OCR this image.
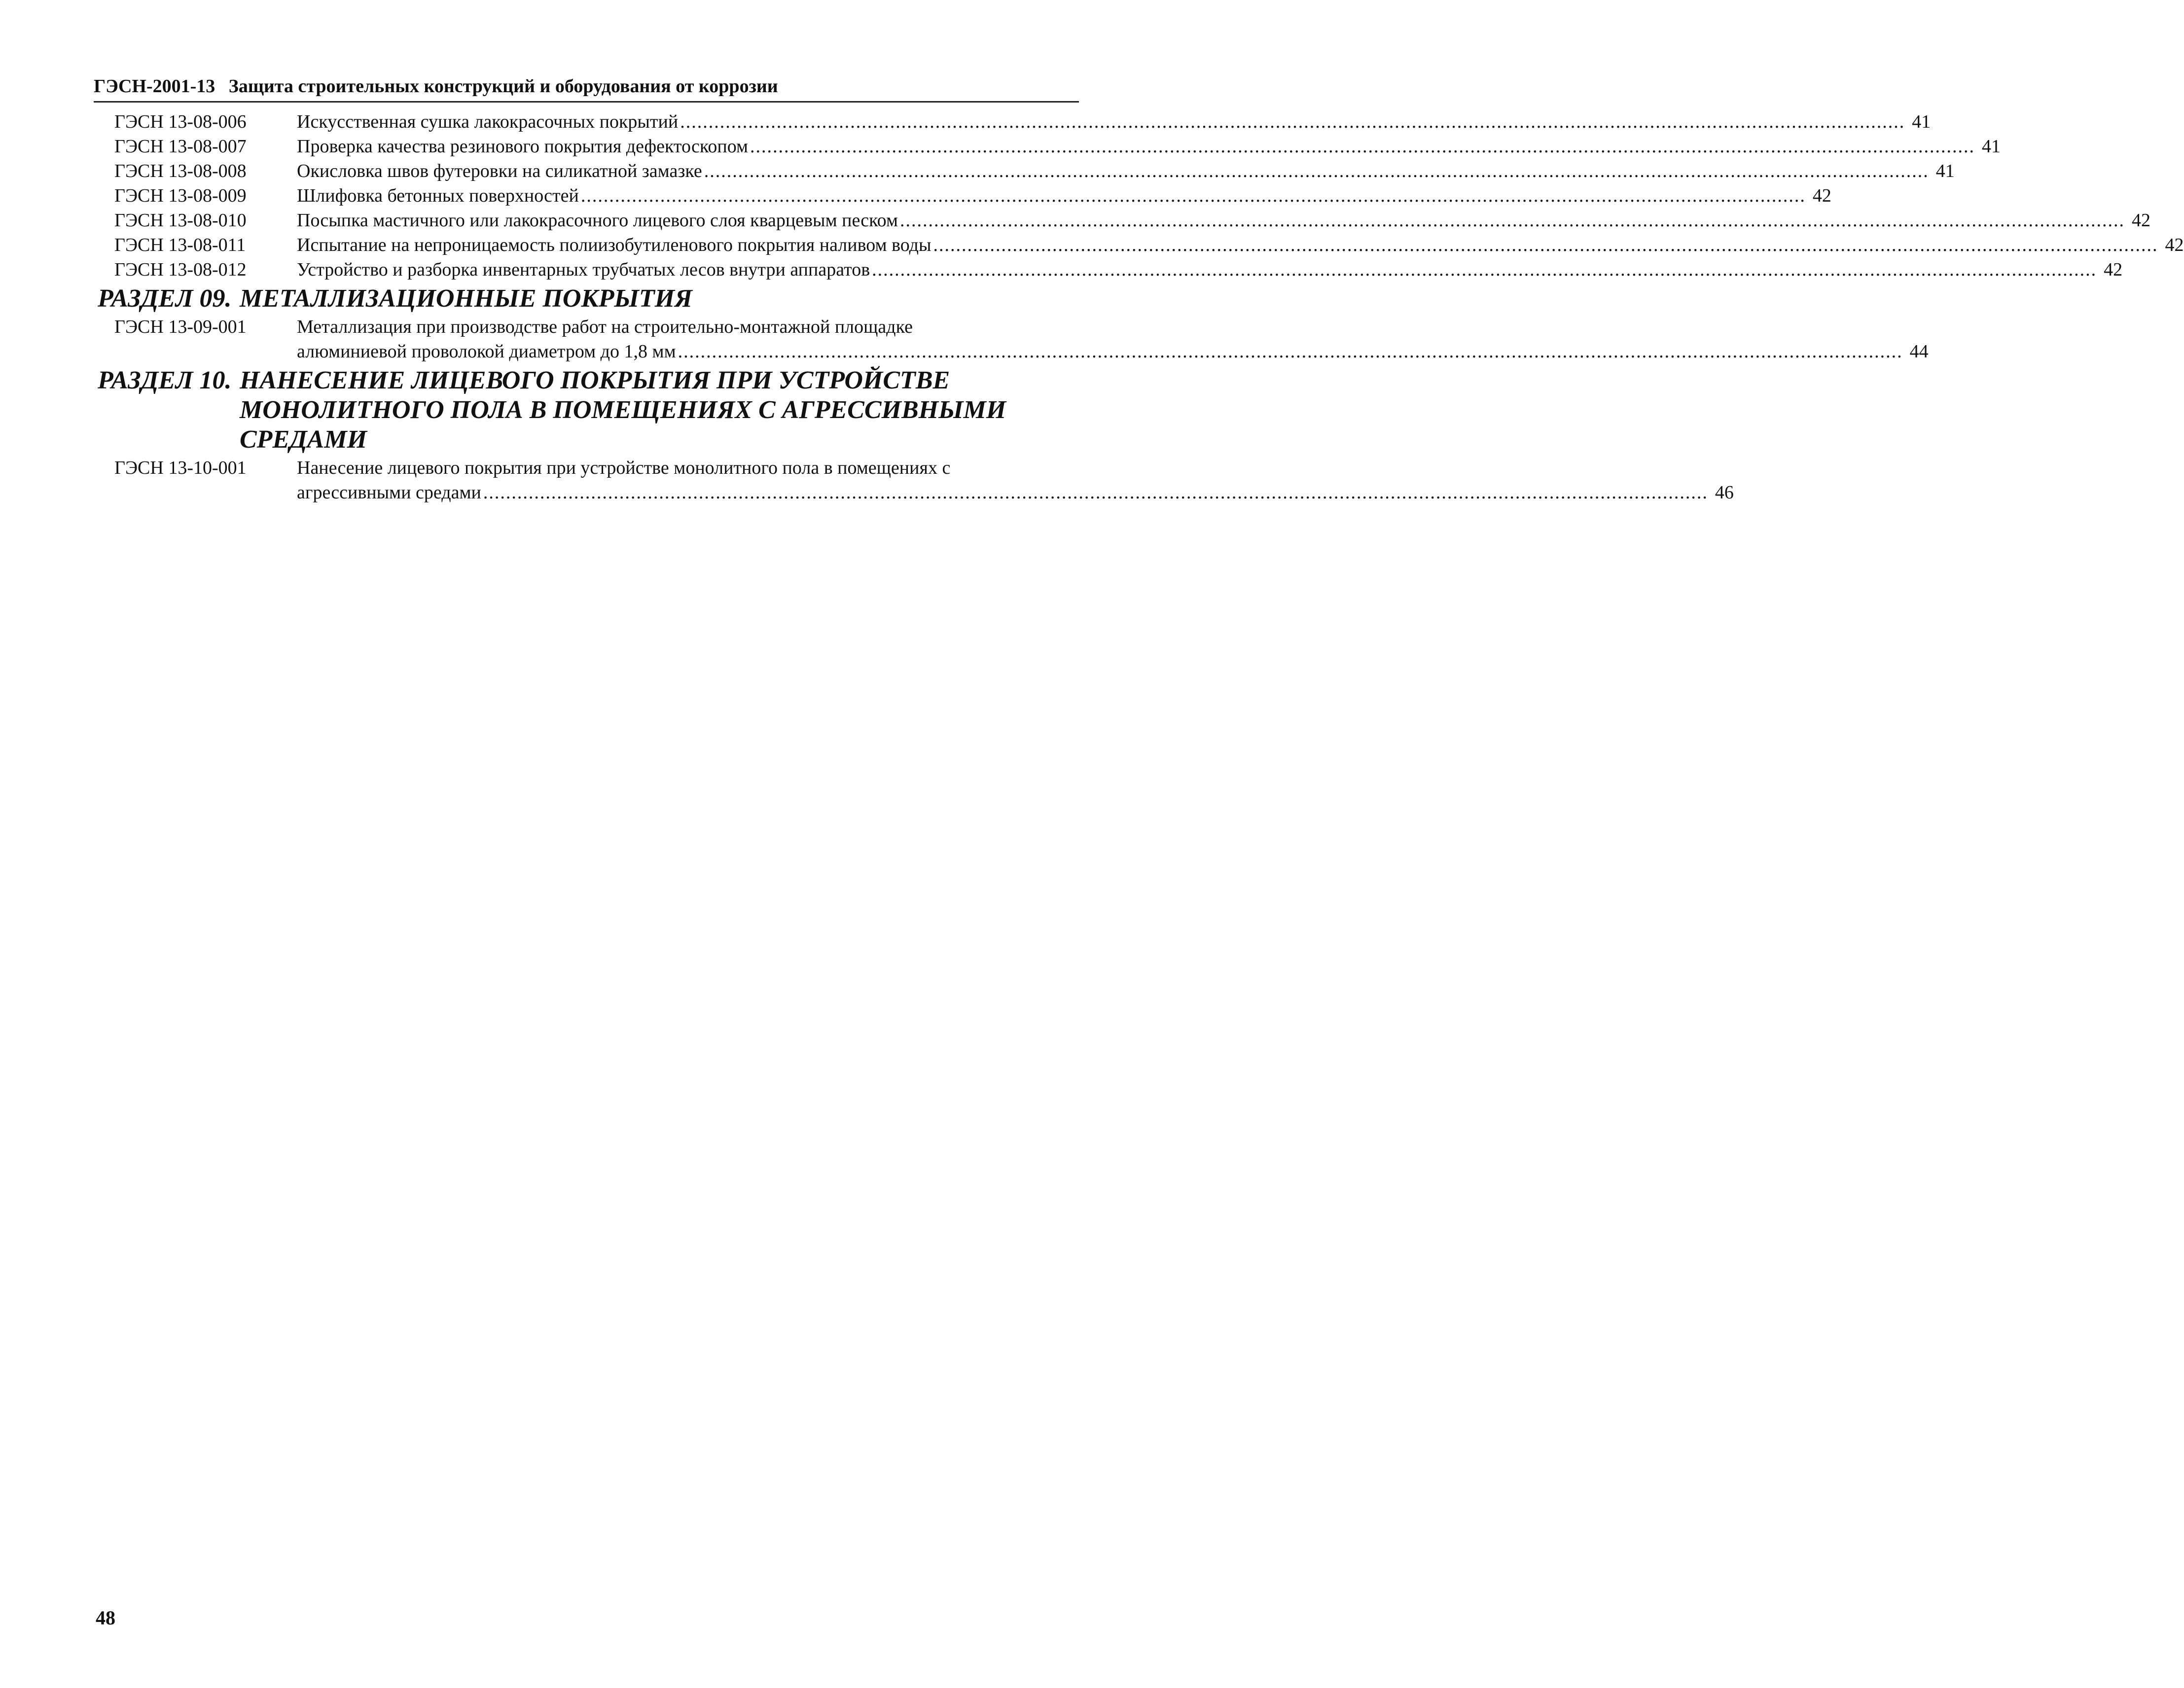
ГЭСН-2001-13 Защита строительных конструкций и оборудования от коррозии
ГЭСН 13-08-006	Искусственная сушка лакокрасочных покрытий .....	41
ГЭСН 13-08-007	Проверка качества резинового покрытия дефектоскопом .....	41
ГЭСН 13-08-008	Окисловка швов футеровки на силикатной замазке .....	41
ГЭСН 13-08-009	Шлифовка бетонных поверхностей .....	42
ГЭСН 13-08-010	Посыпка мастичного или лакокрасочного лицевого слоя кварцевым песком .....	42
ГЭСН 13-08-011	Испытание на непроницаемость полиизобутиленового покрытия наливом воды .....	42
ГЭСН 13-08-012	Устройство и разборка инвентарных трубчатых лесов внутри аппаратов .....	42
РАЗДЕЛ 09. МЕТАЛЛИЗАЦИОННЫЕ ПОКРЫТИЯ
ГЭСН 13-09-001	Металлизация при производстве работ на строительно-монтажной площадке
алюминиевой проволокой диаметром до 1,8 мм .....	44
РАЗДЕЛ 10. НАНЕСЕНИЕ ЛИЦЕВОГО ПОКРЫТИЯ ПРИ УСТРОЙСТВЕ
МОНОЛИТНОГО ПОЛА В ПОМЕЩЕНИЯХ С АГРЕССИВНЫМИ
СРЕДАМИ
ГЭСН 13-10-001	Нанесение лицевого покрытия при устройстве монолитного пола в помещениях с
агрессивными средами .....	46
48
